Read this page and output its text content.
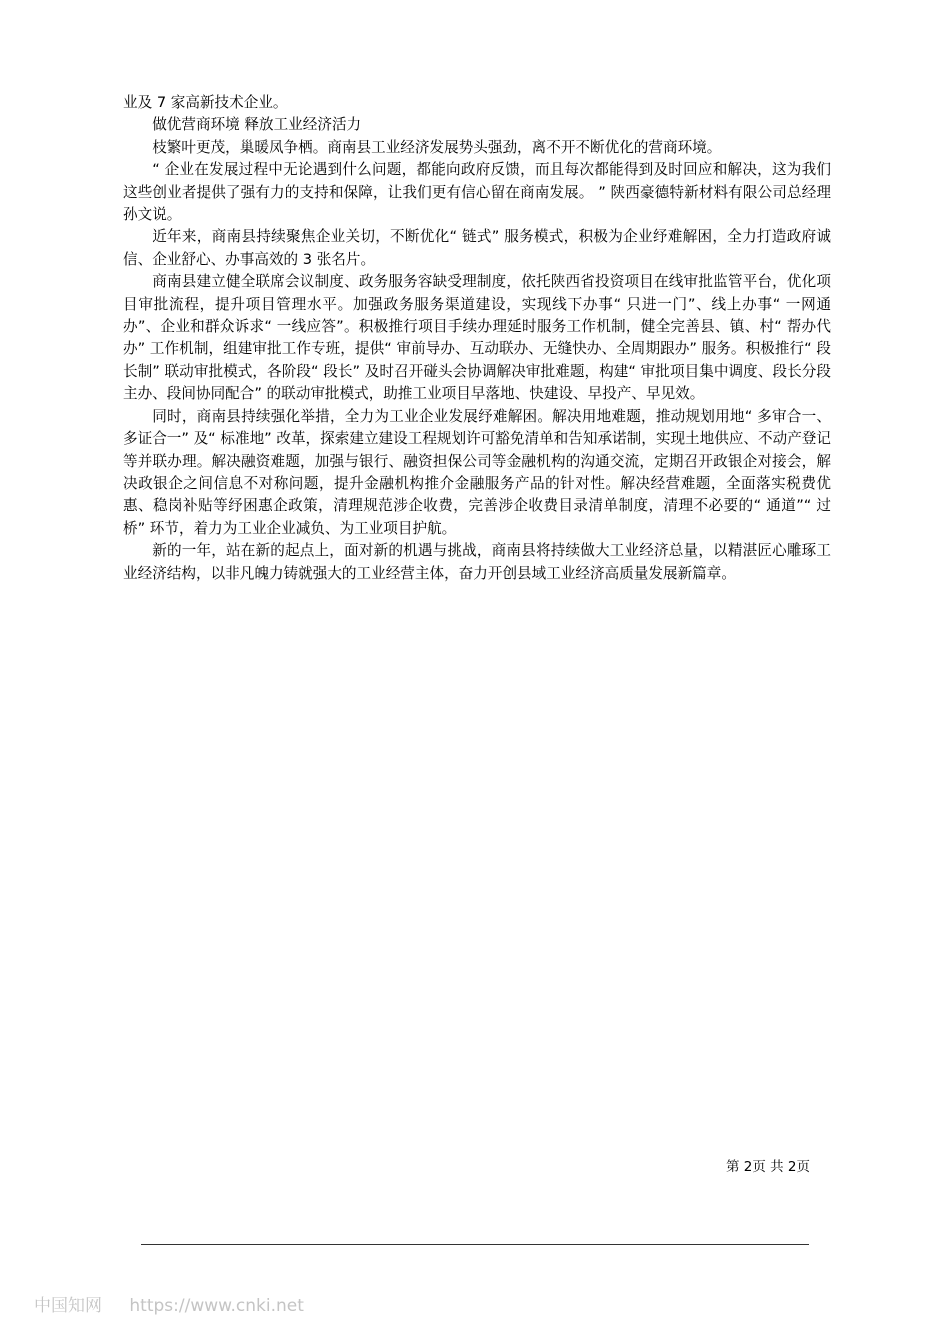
业及 7 家高新技术企业。

做优营商环境 释放工业经济活力

枝繁叶更茂，巢暖凤争栖。商南县工业经济发展势头强劲，离不开不断优化的营商环境。

“ 企业在发展过程中无论遇到什么问题，都能向政府反馈，而且每次都能得到及时回应和解决，这为我们这些创业者提供了强有力的支持和保障，让我们更有信心留在商南发展。 ” 陕西豪德特新材料有限公司总经理孙文说。

近年来，商南县持续聚焦企业关切，不断优化“ 链式” 服务模式，积极为企业纾难解困，全力打造政府诚信、企业舒心、办事高效的 3 张名片。

商南县建立健全联席会议制度、政务服务容缺受理制度，依托陕西省投资项目在线审批监管平台，优化项目审批流程，提升项目管理水平。加强政务服务渠道建设，实现线下办事“ 只进一门”、线上办事“ 一网通办”、企业和群众诉求“ 一线应答”。积极推行项目手续办理延时服务工作机制，健全完善县、镇、村“ 帮办代办” 工作机制，组建审批工作专班，提供“ 审前导办、互动联办、无缝快办、全周期跟办” 服务。积极推行“ 段长制” 联动审批模式，各阶段“ 段长” 及时召开碰头会协调解决审批难题，构建“ 审批项目集中调度、段长分段主办、段间协同配合” 的联动审批模式，助推工业项目早落地、快建设、早投产、早见效。

同时，商南县持续强化举措，全力为工业企业发展纾难解困。解决用地难题，推动规划用地“ 多审合一、多证合一” 及“ 标准地” 改革，探索建立建设工程规划许可豁免清单和告知承诺制，实现土地供应、不动产登记等并联办理。解决融资难题，加强与银行、融资担保公司等金融机构的沟通交流，定期召开政银企对接会，解决政银企之间信息不对称问题，提升金融机构推介金融服务产品的针对性。解决经营难题，全面落实税费优惠、稳岗补贴等纾困惠企政策，清理规范涉企收费，完善涉企收费目录清单制度，清理不必要的“ 通道”“ 过桥” 环节，着力为工业企业减负、为工业项目护航。

新的一年，站在新的起点上，面对新的机遇与挑战，商南县将持续做大工业经济总量，以精湛匠心雕琢工业经济结构，以非凡魄力铸就强大的工业经营主体，奋力开创县域工业经济高质量发展新篇章。

第 2页 共 2页
中国知网 https://www.cnki.net
